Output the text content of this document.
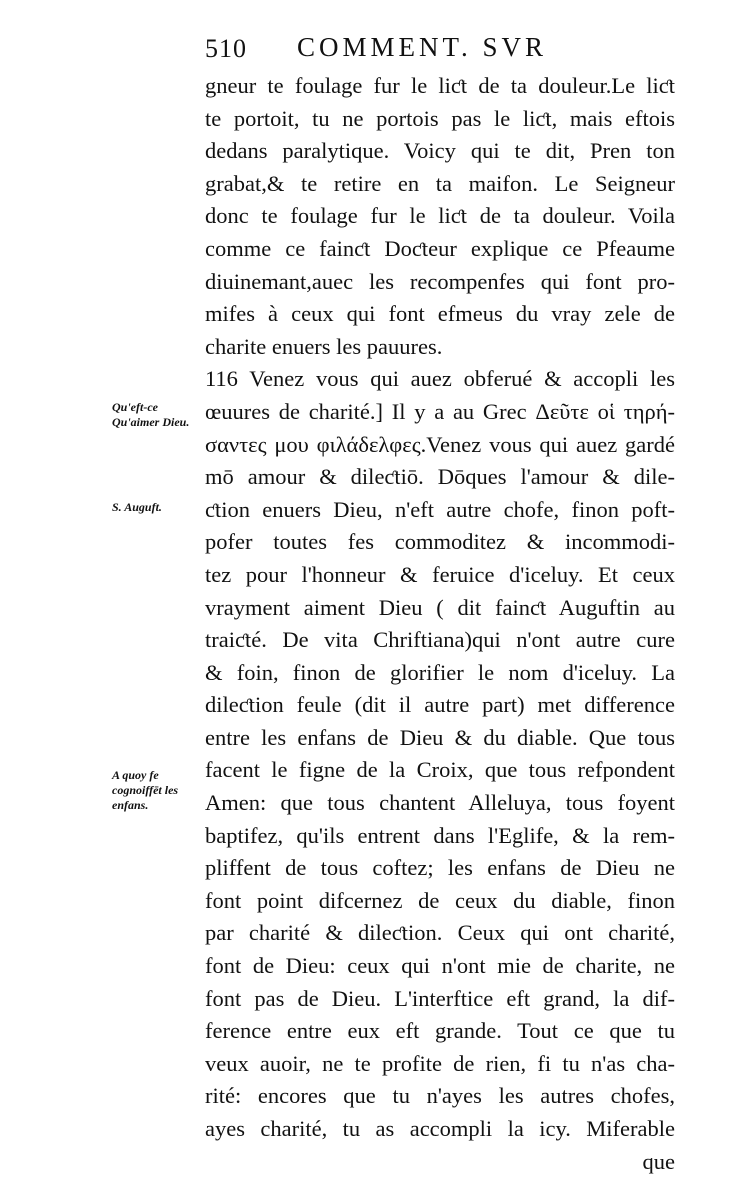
510 COMMENT. SVR
Qu'eft-ce Qu'aimer Dieu.
S. Auguft.
A quoy fe cognoiffēt les enfans.
gneur te foulage fur le liƈt de ta douleur.Le liƈt
te portoit, tu ne portois pas le liƈt, mais eftois
dedans paralytique. Voicy qui te dit, Pren ton
grabat,& te retire en ta maifon. Le Seigneur
donc te foulage fur le liƈt de ta douleur. Voila
comme ce fainƈt Doƈteur explique ce Pfeaume
diuinemant,auec les recompenfes qui font pro-
mifes à ceux qui font efmeus du vray zele de
charite enuers les pauures.
116 Venez vous qui auez obferué & accopli les
œuures de charité.] Il y a au Grec Δεῦτε οἱ τηρή-
σαντες μου φιλάδελφες.Venez vous qui auez gardé
mō amour & dileƈtiō. Dōques l'amour & dile-
ƈtion enuers Dieu, n'eft autre chofe, finon poft-
pofer toutes fes commoditez & incommodi-
tez pour l'honneur & feruice d'iceluy. Et ceux
vrayment aiment Dieu ( dit fainƈt Auguftin au
traiƈté. De vita Chriftiana)qui n'ont autre cure
& foin, finon de glorifier le nom d'iceluy. La
dileƈtion feule (dit il autre part) met difference
entre les enfans de Dieu & du diable. Que tous
facent le figne de la Croix, que tous refpondent
Amen: que tous chantent Alleluya, tous foyent
baptifez, qu'ils entrent dans l'Eglife, & la rem-
pliffent de tous coftez; les enfans de Dieu ne
font point difcernez de ceux du diable, finon
par charité & dileƈtion. Ceux qui ont charité,
font de Dieu: ceux qui n'ont mie de charite, ne
font pas de Dieu. L'interftice eft grand, la dif-
ference entre eux eft grande. Tout ce que tu
veux auoir, ne te profite de rien, fi tu n'as cha-
rité: encores que tu n'ayes les autres chofes,
ayes charité, tu as accompli la icy. Miferable
que
